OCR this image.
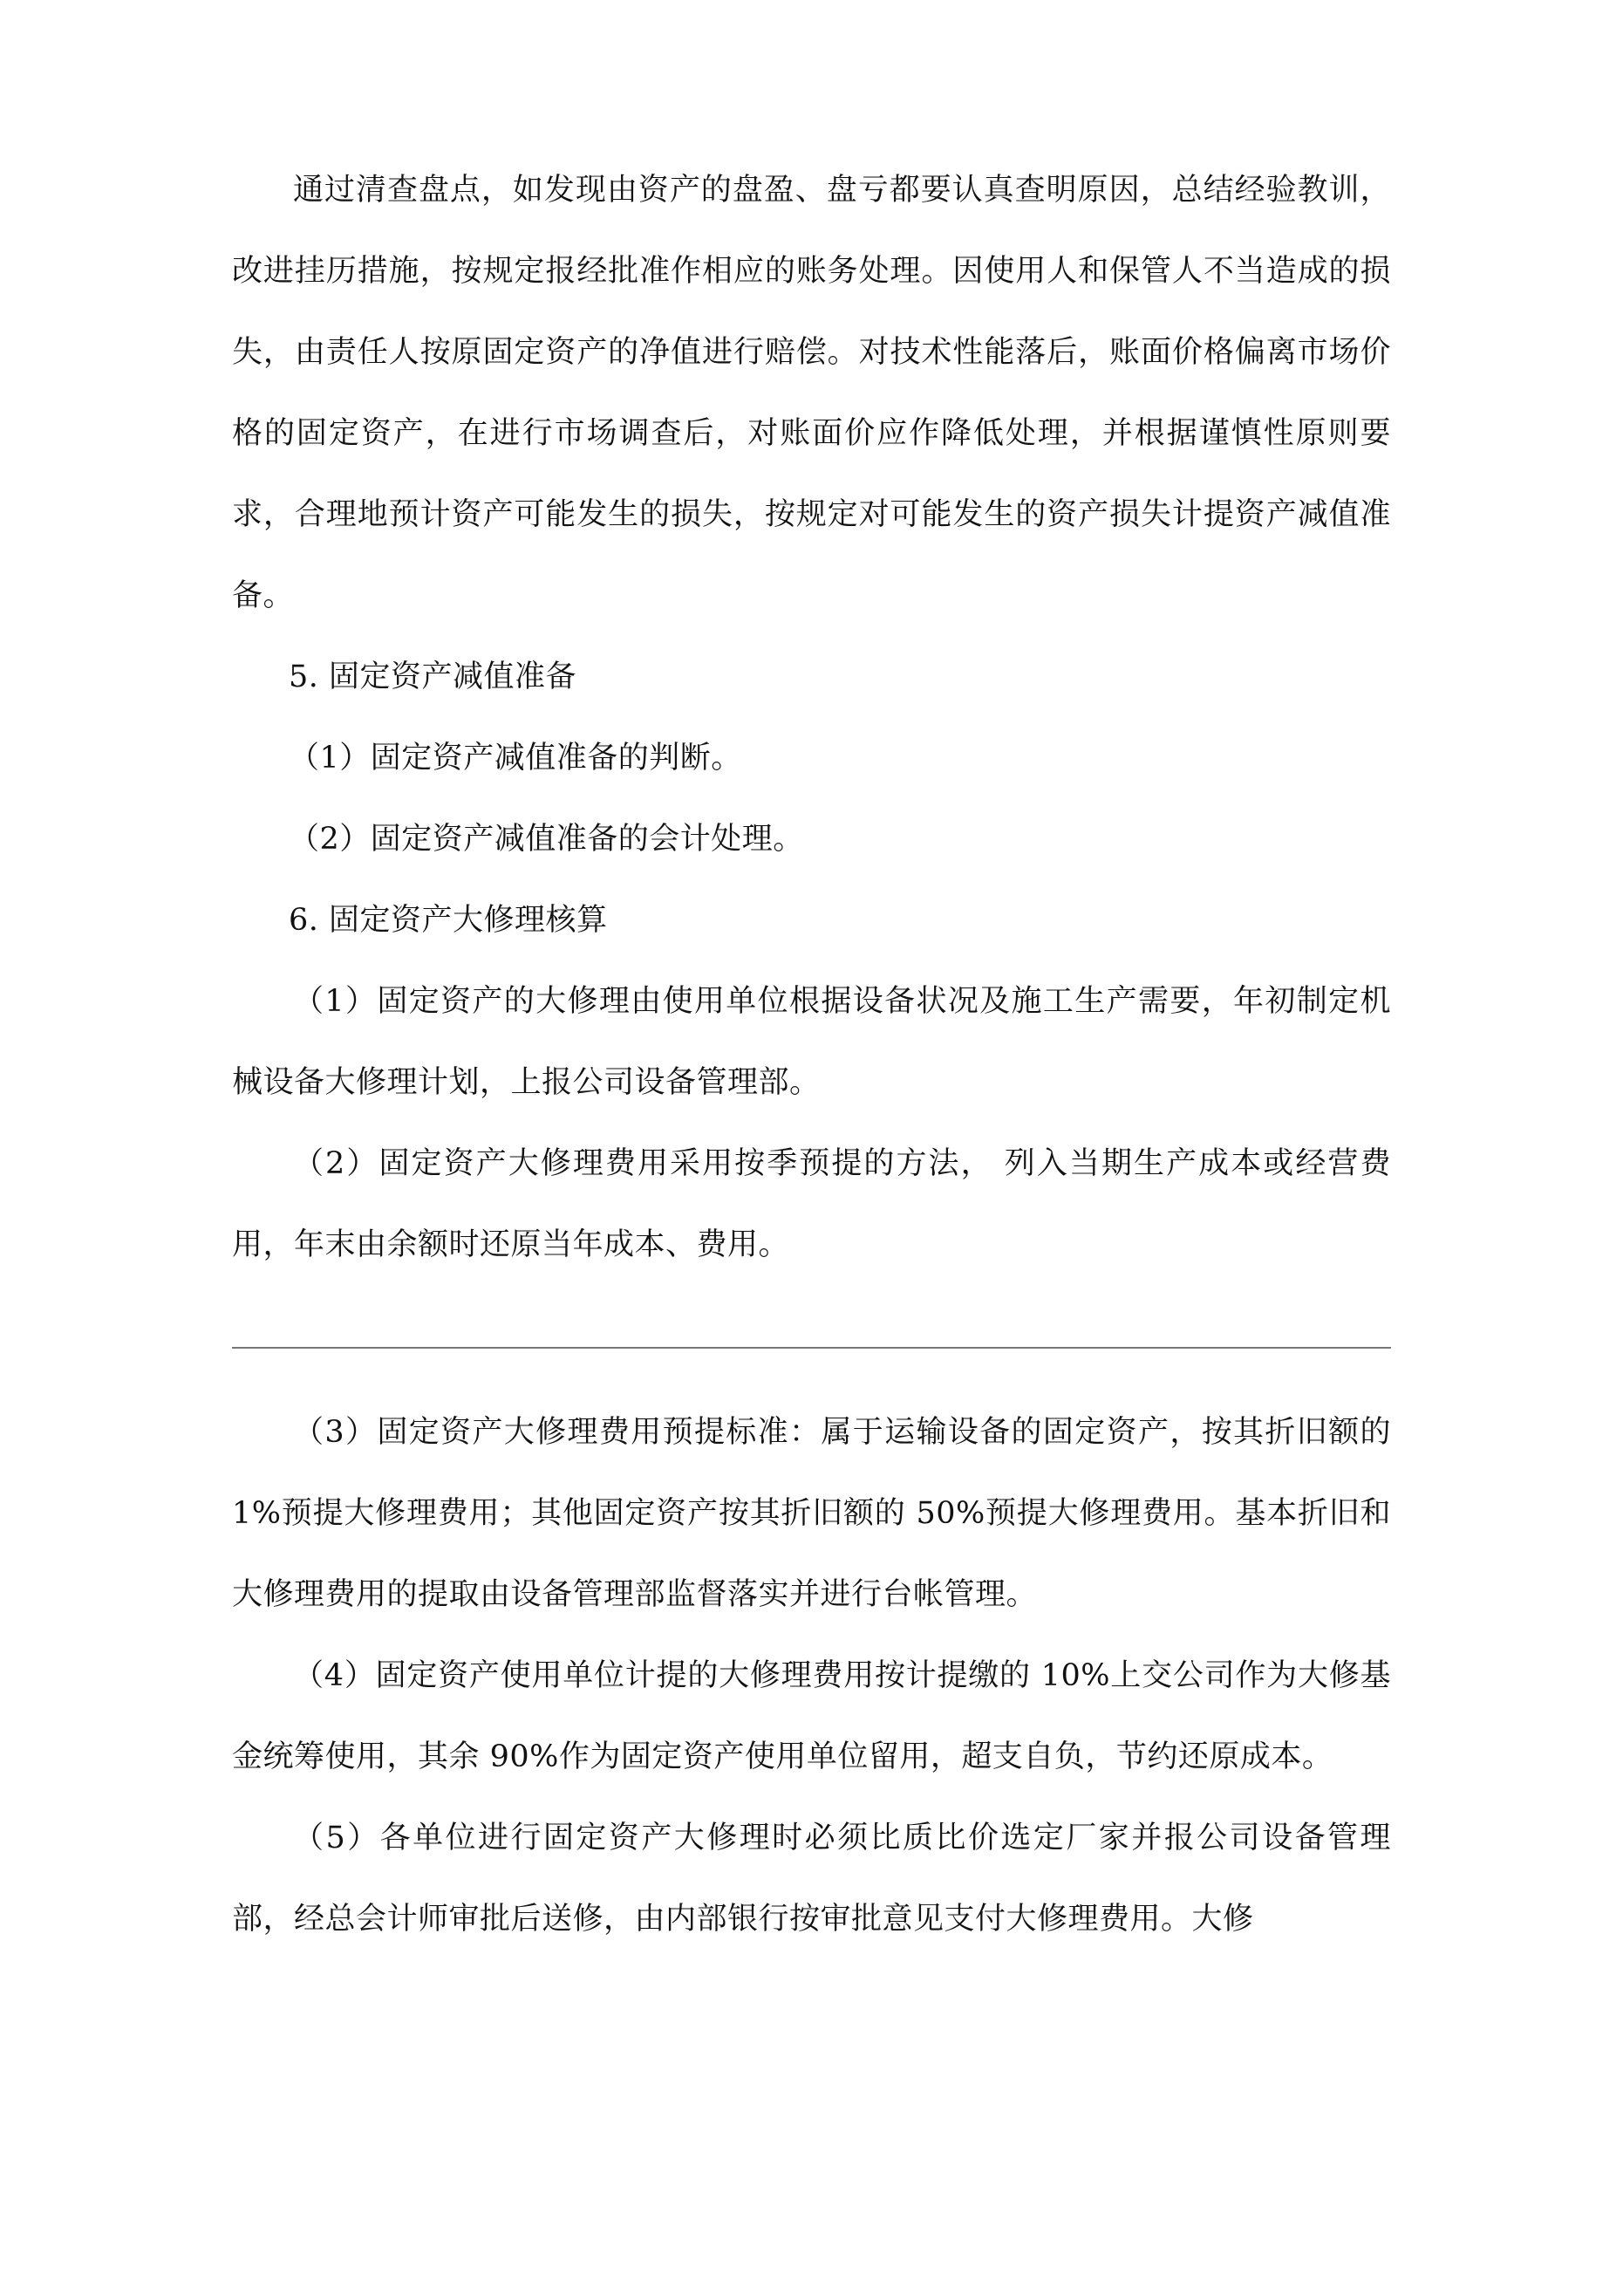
通过清查盘点，如发现由资产的盘盈、盘亏都要认真查明原因，总结经验教训，改进挂历措施，按规定报经批准作相应的账务处理。因使用人和保管人不当造成的损失，由责任人按原固定资产的净值进行赔偿。对技术性能落后，账面价格偏离市场价格的固定资产，在进行市场调查后，对账面价应作降低处理，并根据谨慎性原则要求，合理地预计资产可能发生的损失，按规定对可能发生的资产损失计提资产减值准备。

5. 固定资产减值准备

（1）固定资产减值准备的判断。

（2）固定资产减值准备的会计处理。

6. 固定资产大修理核算

（1）固定资产的大修理由使用单位根据设备状况及施工生产需要，年初制定机械设备大修理计划，上报公司设备管理部。

（2）固定资产大修理费用采用按季预提的方法， 列入当期生产成本或经营费用，年末由余额时还原当年成本、费用。

（3）固定资产大修理费用预提标准：属于运输设备的固定资产，按其折旧额的 1%预提大修理费用；其他固定资产按其折旧额的 50%预提大修理费用。基本折旧和大修理费用的提取由设备管理部监督落实并进行台帐管理。

（4）固定资产使用单位计提的大修理费用按计提缴的 10%上交公司作为大修基金统筹使用，其余 90%作为固定资产使用单位留用，超支自负，节约还原成本。

（5）各单位进行固定资产大修理时必须比质比价选定厂家并报公司设备管理部，经总会计师审批后送修，由内部银行按审批意见支付大修理费用。大修
